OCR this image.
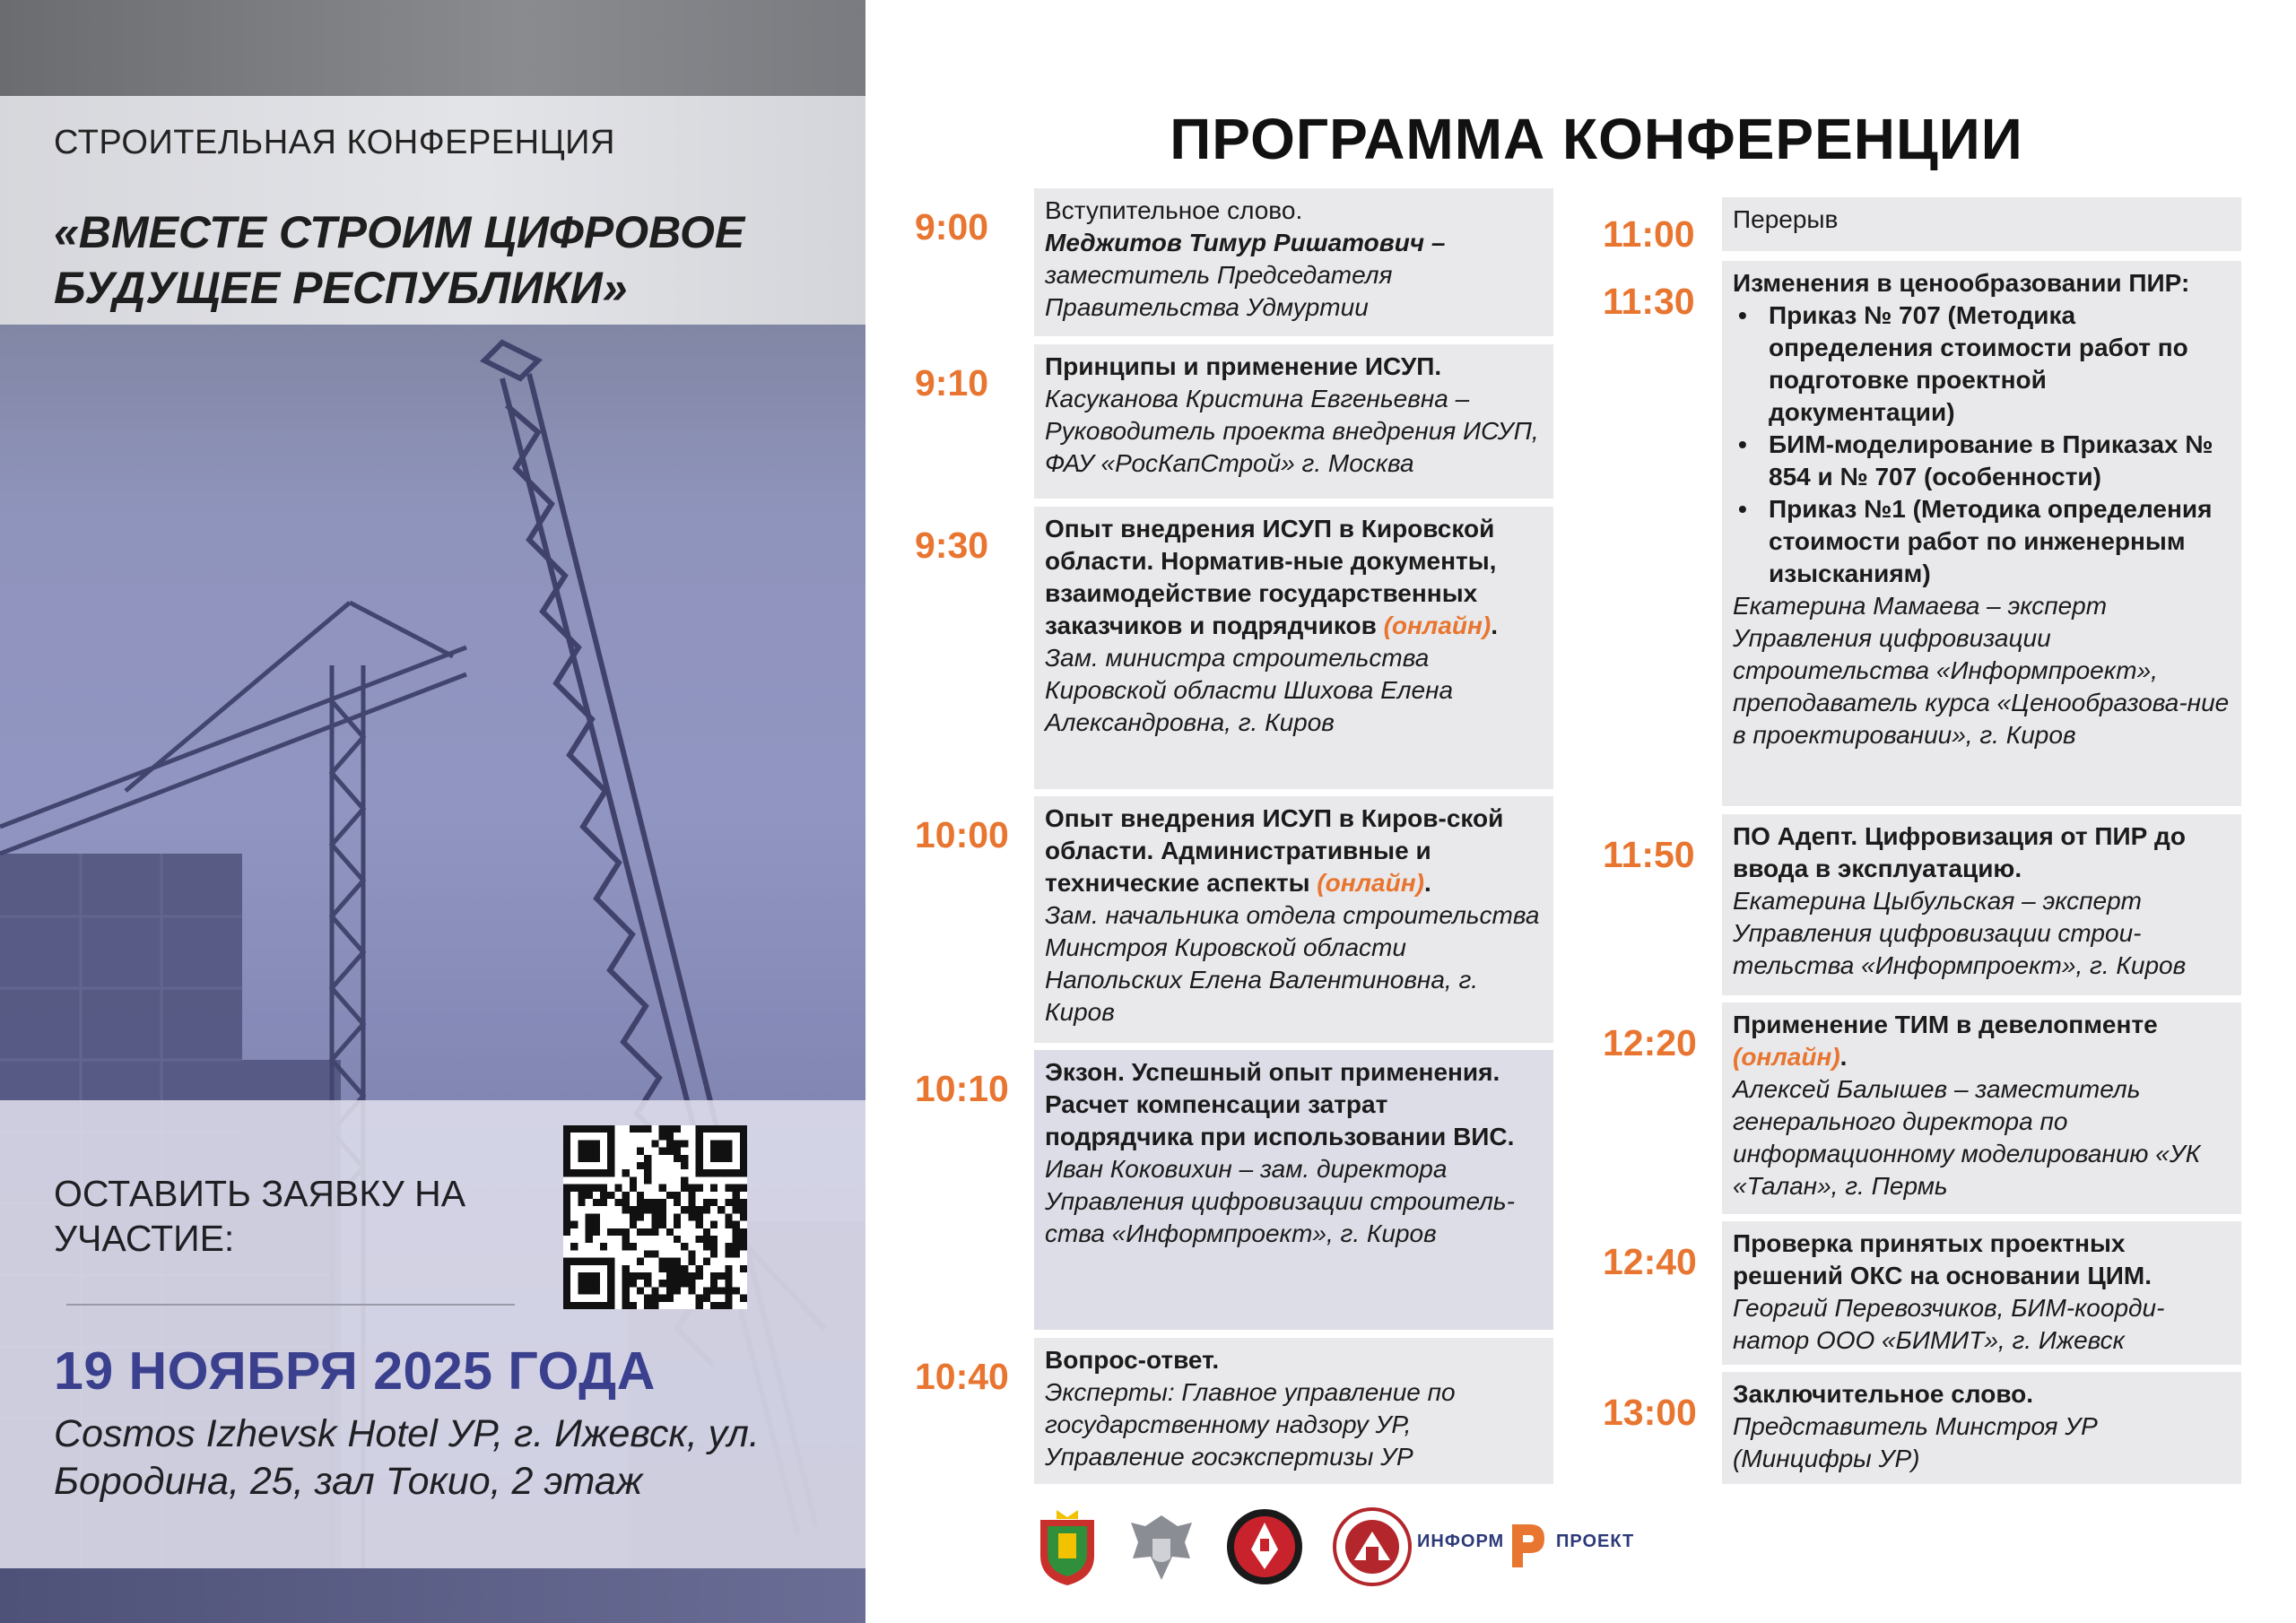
СТРОИТЕЛЬНАЯ КОНФЕРЕНЦИЯ
«ВМЕСТЕ СТРОИМ ЦИФРОВОЕ БУДУЩЕЕ РЕСПУБЛИКИ»
ОСТАВИТЬ ЗАЯВКУ НА УЧАСТИЕ:
19 НОЯБРЯ 2025 ГОДА
Cosmos Izhevsk Hotel УР, г. Ижевск, ул. Бородина, 25, зал Токио, 2 этаж
ПРОГРАММА КОНФЕРЕНЦИИ
9:00	Вступительное слово.
Меджитов Тимур Ришатович –
заместитель Председателя Правительства Удмуртии
9:10	Принципы и применение ИСУП.
Касуканова Кристина Евгеньевна – Руководитель проекта внедрения ИСУП, ФАУ «РосКапСтрой» г. Москва
9:30	Опыт внедрения ИСУП в Кировской области. Норматив-ные документы, взаимодействие государственных заказчиков и подрядчиков (онлайн).
Зам. министра строительства Кировской области Шихова Елена Александровна, г. Киров
10:00	Опыт внедрения ИСУП в Киров-ской области. Административные и технические аспекты (онлайн).
Зам. начальника отдела строительства Минстроя Кировской области Напольских Елена Валентиновна, г. Киров
10:10	Экзон. Успешный опыт применения. Расчет компенсации затрат подрядчика при использовании ВИС.
Иван Коковихин – зам. директора Управления цифровизации строитель-ства «Информпроект», г. Киров
10:40	Вопрос-ответ.
Эксперты: Главное управление по государственному надзору УР, Управление госэкспертизы УР
11:00	Перерыв
11:30	Изменения в ценообразовании ПИР:
• Приказ № 707 (Методика определения стоимости работ по подготовке проектной документации)
• БИМ-моделирование в Приказах № 854 и № 707 (особенности)
• Приказ №1 (Методика определения стоимости работ по инженерным изысканиям)
Екатерина Мамаева – эксперт Управления цифровизации строительства «Информпроект», преподаватель курса «Ценообразова-ние в проектировании», г. Киров
11:50	ПО Адепт. Цифровизация от ПИР до ввода в эксплуатацию.
Екатерина Цыбульская – эксперт Управления цифровизации строи-тельства «Информпроект», г. Киров
12:20	Применение ТИМ в девелопменте (онлайн).
Алексей Балышев – заместитель генерального директора по информационному моделированию «УК «Талан», г. Пермь
12:40	Проверка принятых проектных решений ОКС на основании ЦИМ.
Георгий Перевозчиков, БИМ-коорди-натор ООО «БИМИТ», г. Ижевск
13:00	Заключительное слово.
Представитель Минстроя УР (Минцифры УР)
ИНФОРМ	ПРОЕКТ
